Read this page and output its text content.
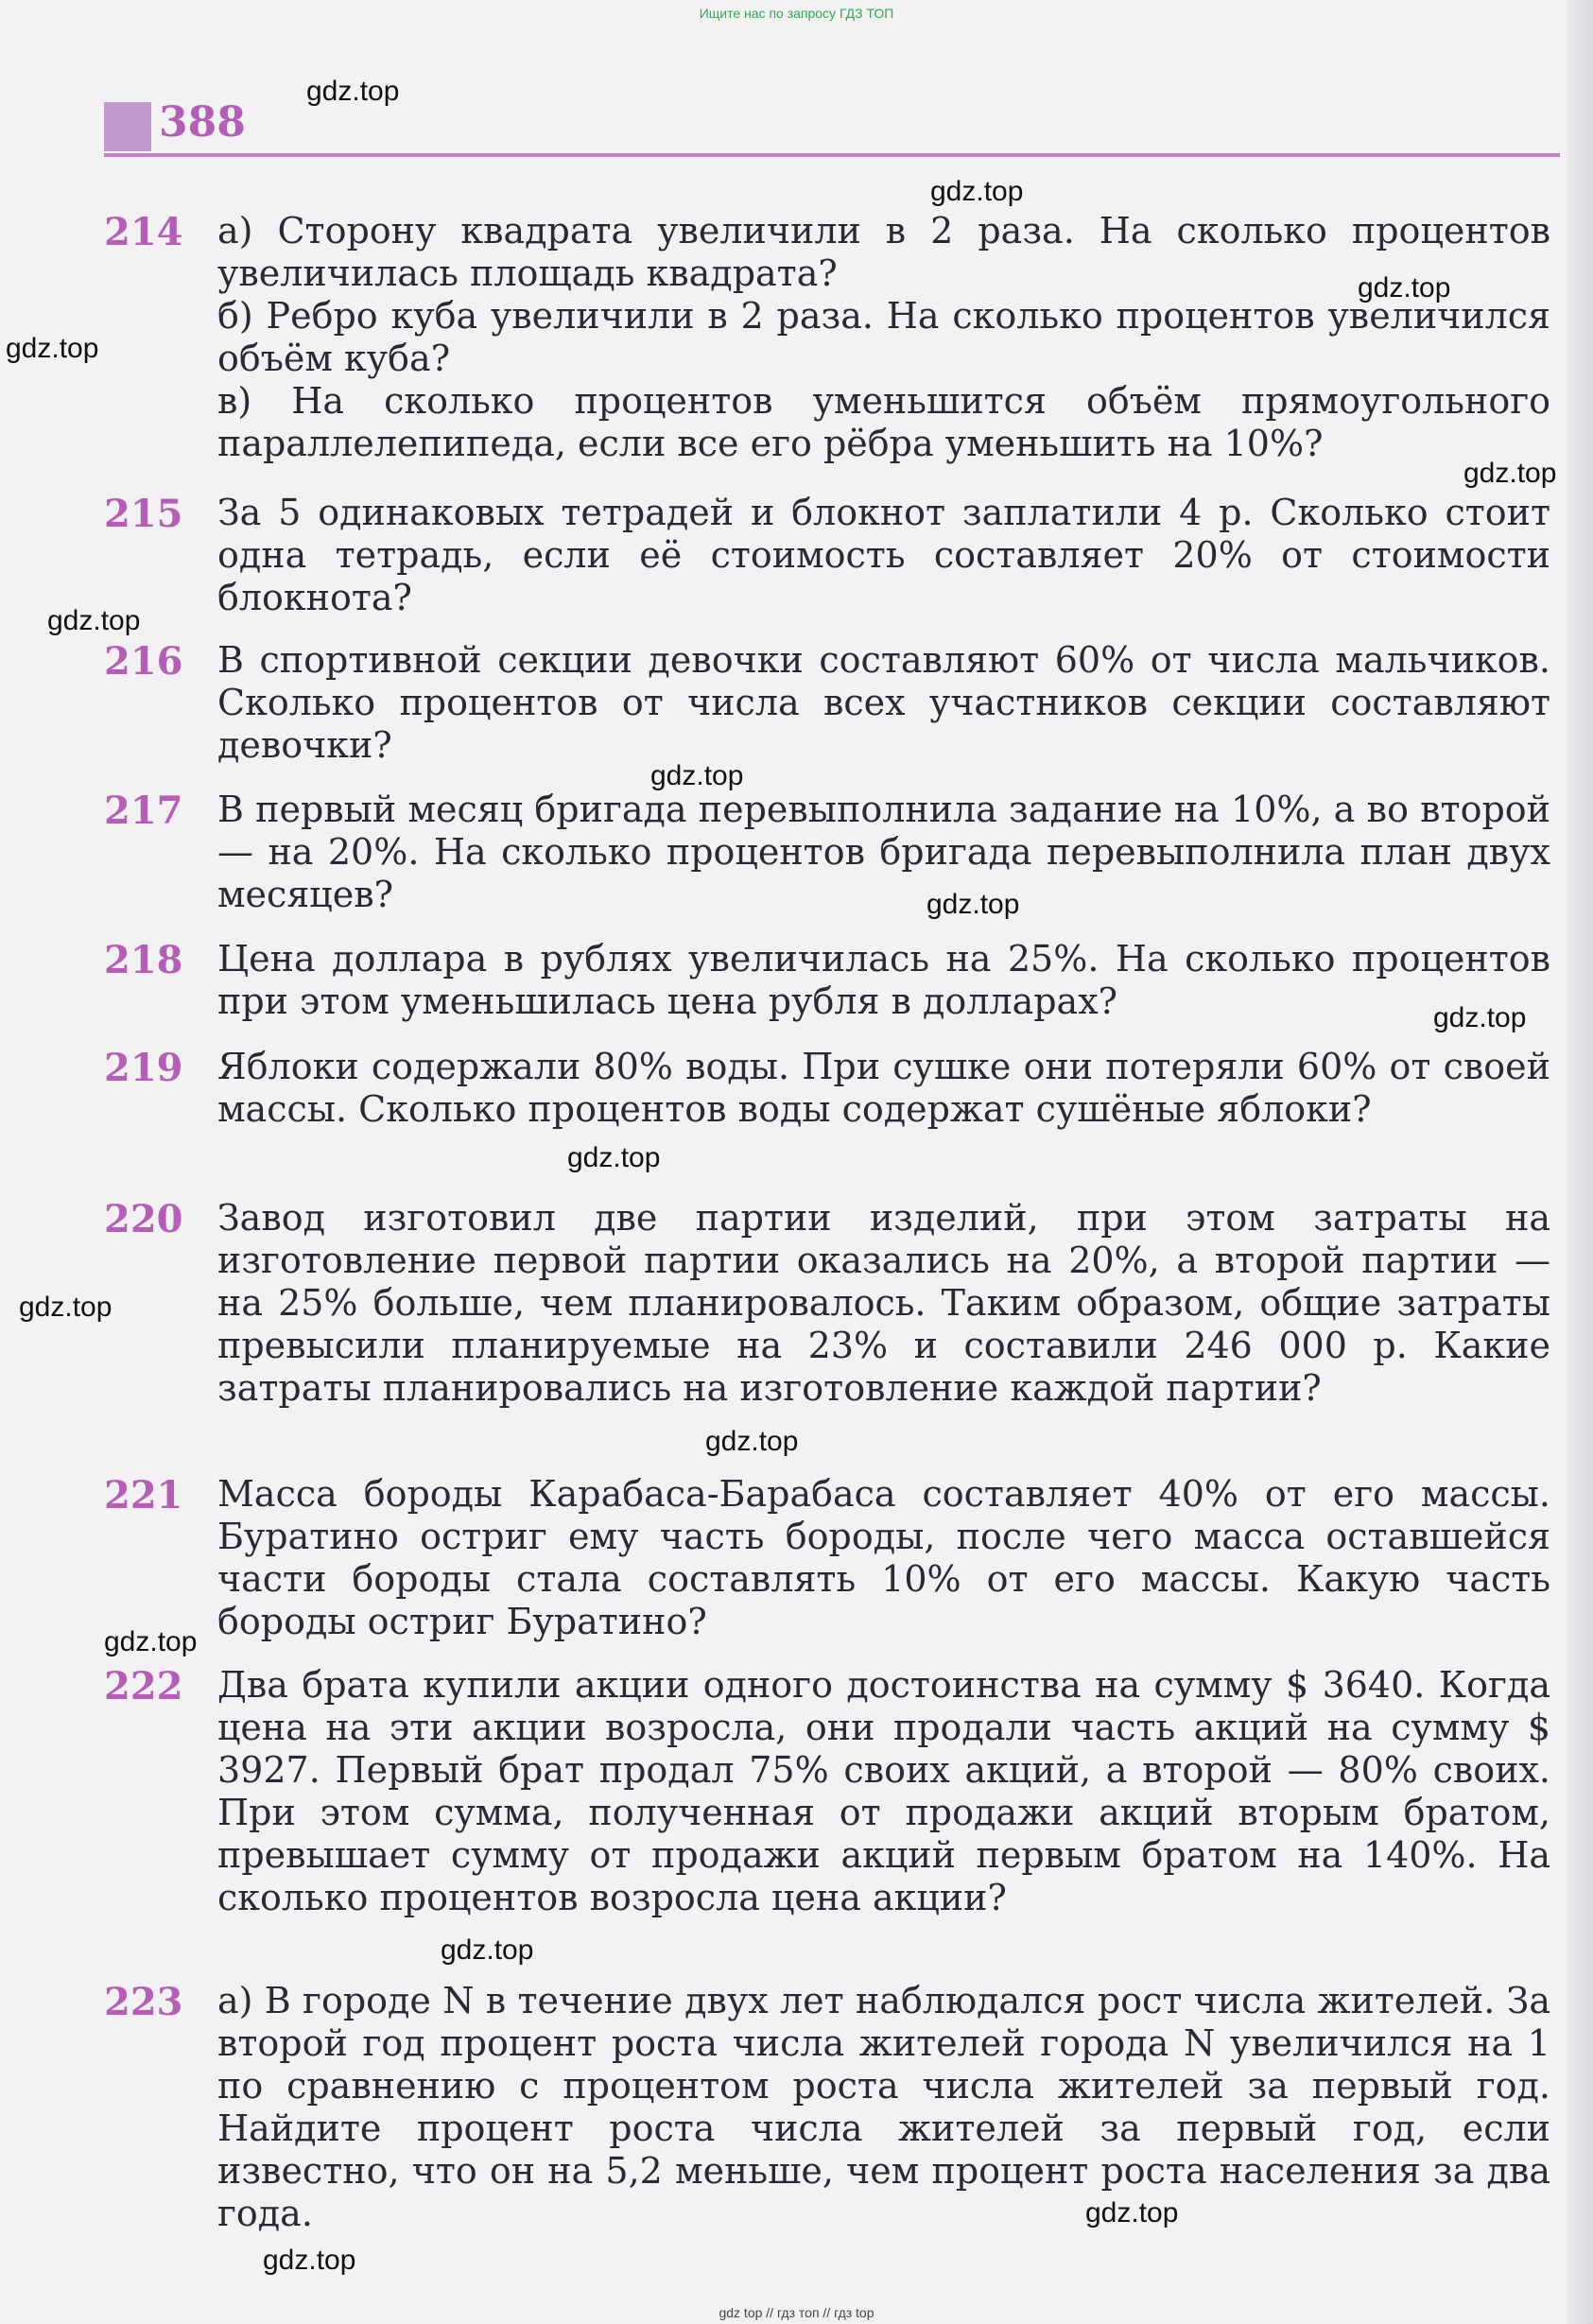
Ищите нас по запросу ГДЗ ТОП
388
214 а) Сторону квадрата увеличили в 2 раза. На сколько процентов увеличилась площадь квадрата?

б) Ребро куба увеличили в 2 раза. На сколько процентов увеличился объём куба?

в) На сколько процентов уменьшится объём прямоугольного параллелепипеда, если все его рёбра уменьшить на 10%?

215 За 5 одинаковых тетрадей и блокнот заплатили 4 р. Сколько стоит одна тетрадь, если её стоимость составляет 20% от стоимости блокнота?

216 В спортивной секции девочки составляют 60% от числа мальчиков. Сколько процентов от числа всех участников секции составляют девочки?

217 В первый месяц бригада перевыполнила задание на 10%, а во второй — на 20%. На сколько процентов бригада перевыполнила план двух месяцев?

218 Цена доллара в рублях увеличилась на 25%. На сколько процентов при этом уменьшилась цена рубля в долларах?

219 Яблоки содержали 80% воды. При сушке они потеряли 60% от своей массы. Сколько процентов воды содержат сушёные яблоки?

220 Завод изготовил две партии изделий, при этом затраты на изготовление первой партии оказались на 20%, а второй партии — на 25% больше, чем планировалось. Таким образом, общие затраты превысили планируемые на 23% и составили 246 000 р. Какие затраты планировались на изготовление каждой партии?

221 Масса бороды Карабаса-Барабаса составляет 40% от его массы. Буратино остриг ему часть бороды, после чего масса оставшейся части бороды стала составлять 10% от его массы. Какую часть бороды остриг Буратино?

222 Два брата купили акции одного достоинства на сумму $ 3640. Когда цена на эти акции возросла, они продали часть акций на сумму $ 3927. Первый брат продал 75% своих акций, а второй — 80% своих. При этом сумма, полученная от продажи акций вторым братом, превышает сумму от продажи акций первым братом на 140%. На сколько процентов возросла цена акции?

223 а) В городе N в течение двух лет наблюдался рост числа жителей. За второй год процент роста числа жителей города N увеличился на 1 по сравнению с процентом роста числа жителей за первый год. Найдите процент роста числа жителей за первый год, если известно, что он на 5,2 меньше, чем процент роста населения за два года.

gdz.top
gdz.top
gdz.top
gdz.top
gdz.top
gdz.top
gdz.top
gdz.top
gdz.top
gdz.top
gdz.top
gdz.top
gdz.top
gdz.top
gdz.top
gdz.top
gdz top // гдз топ // гдз top
